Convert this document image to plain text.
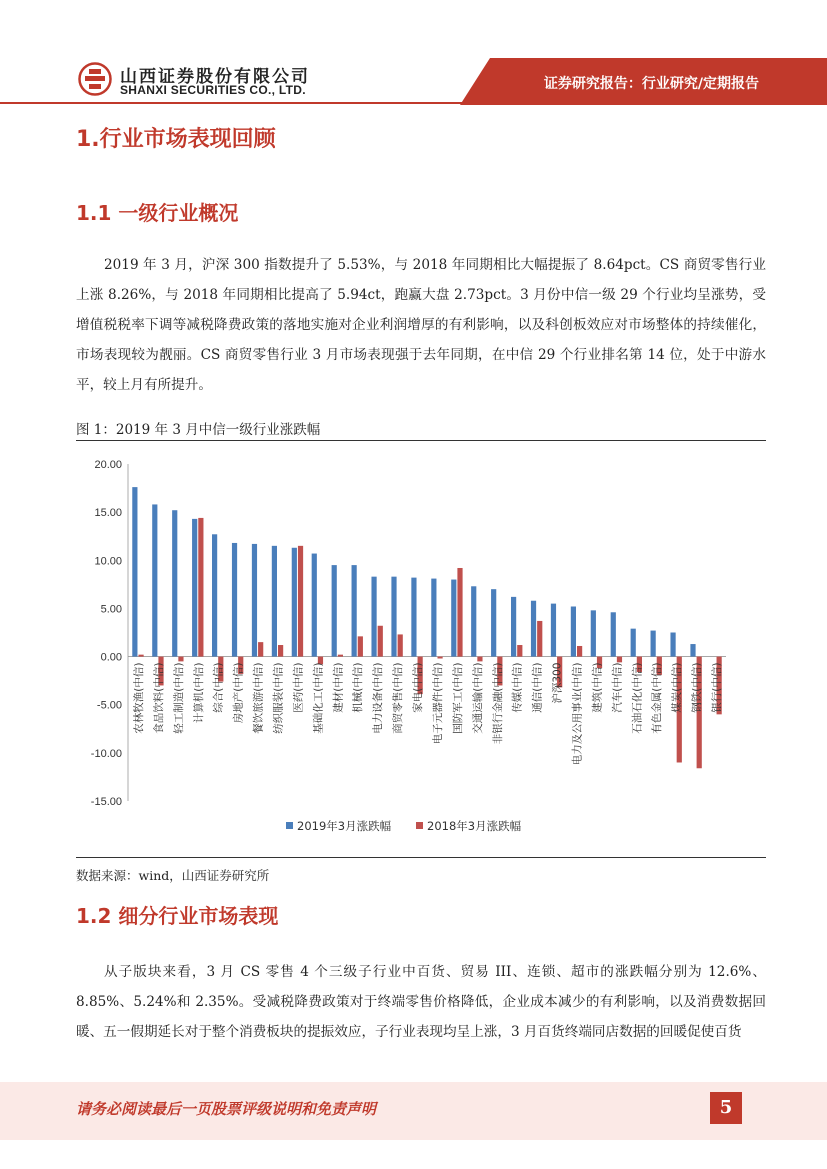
山西证券股份有限公司
SHANXI SECURITIES CO., LTD.	证券研究报告：行业研究/定期报告
1.行业市场表现回顾
1.1 一级行业概况

2019 年 3 月，沪深 300 指数提升了 5.53%，与 2018 年同期相比大幅提振了 8.64pct。CS 商贸零售行业上涨 8.26%，与 2018 年同期相比提高了 5.94ct，跑赢大盘 2.73pct。3 月份中信一级 29 个行业均呈涨势，受增值税税率下调等减税降费政策的落地实施对企业利润增厚的有利影响，以及科创板效应对市场整体的持续催化，市场表现较为靓丽。CS 商贸零售行业 3 月市场表现强于去年同期，在中信 29 个行业排名第 14 位，处于中游水平，较上月有所提升。

图 1：2019 年 3 月中信一级行业涨跌幅
20.00
15.00
10.00
5.00
0.00
-5.00
-10.00
-15.00
农林牧渔(中信) 食品饮料(中信) 轻工制造(中信) 计算机(中信) 综合(中信) 房地产(中信) 餐饮旅游(中信) 纺织服装(中信) 医药(中信) 基础化工(中信) 建材(中信) 机械(中信) 电力设备(中信) 商贸零售(中信) 家电(中信) 电子元器件(中信) 国防军工(中信) 交通运输(中信) 非银行金融(中信) 传媒(中信) 通信(中信) 沪深300 电力及公用事业(中信) 建筑(中信) 汽车(中信) 石油石化(中信) 有色金属(中信) 煤炭(中信) 钢铁(中信) 银行(中信)
2019年3月涨跌幅	2018年3月涨跌幅
数据来源：wind，山西证券研究所
1.2 细分行业市场表现

从子版块来看，3 月 CS 零售 4 个三级子行业中百货、贸易 III、连锁、超市的涨跌幅分别为 12.6%、8.85%、5.24%和 2.35%。受减税降费政策对于终端零售价格降低，企业成本减少的有利影响，以及消费数据回暖、五一假期延长对于整个消费板块的提振效应，子行业表现均呈上涨，3 月百货终端同店数据的回暖促使百货

请务必阅读最后一页股票评级说明和免责声明	5
